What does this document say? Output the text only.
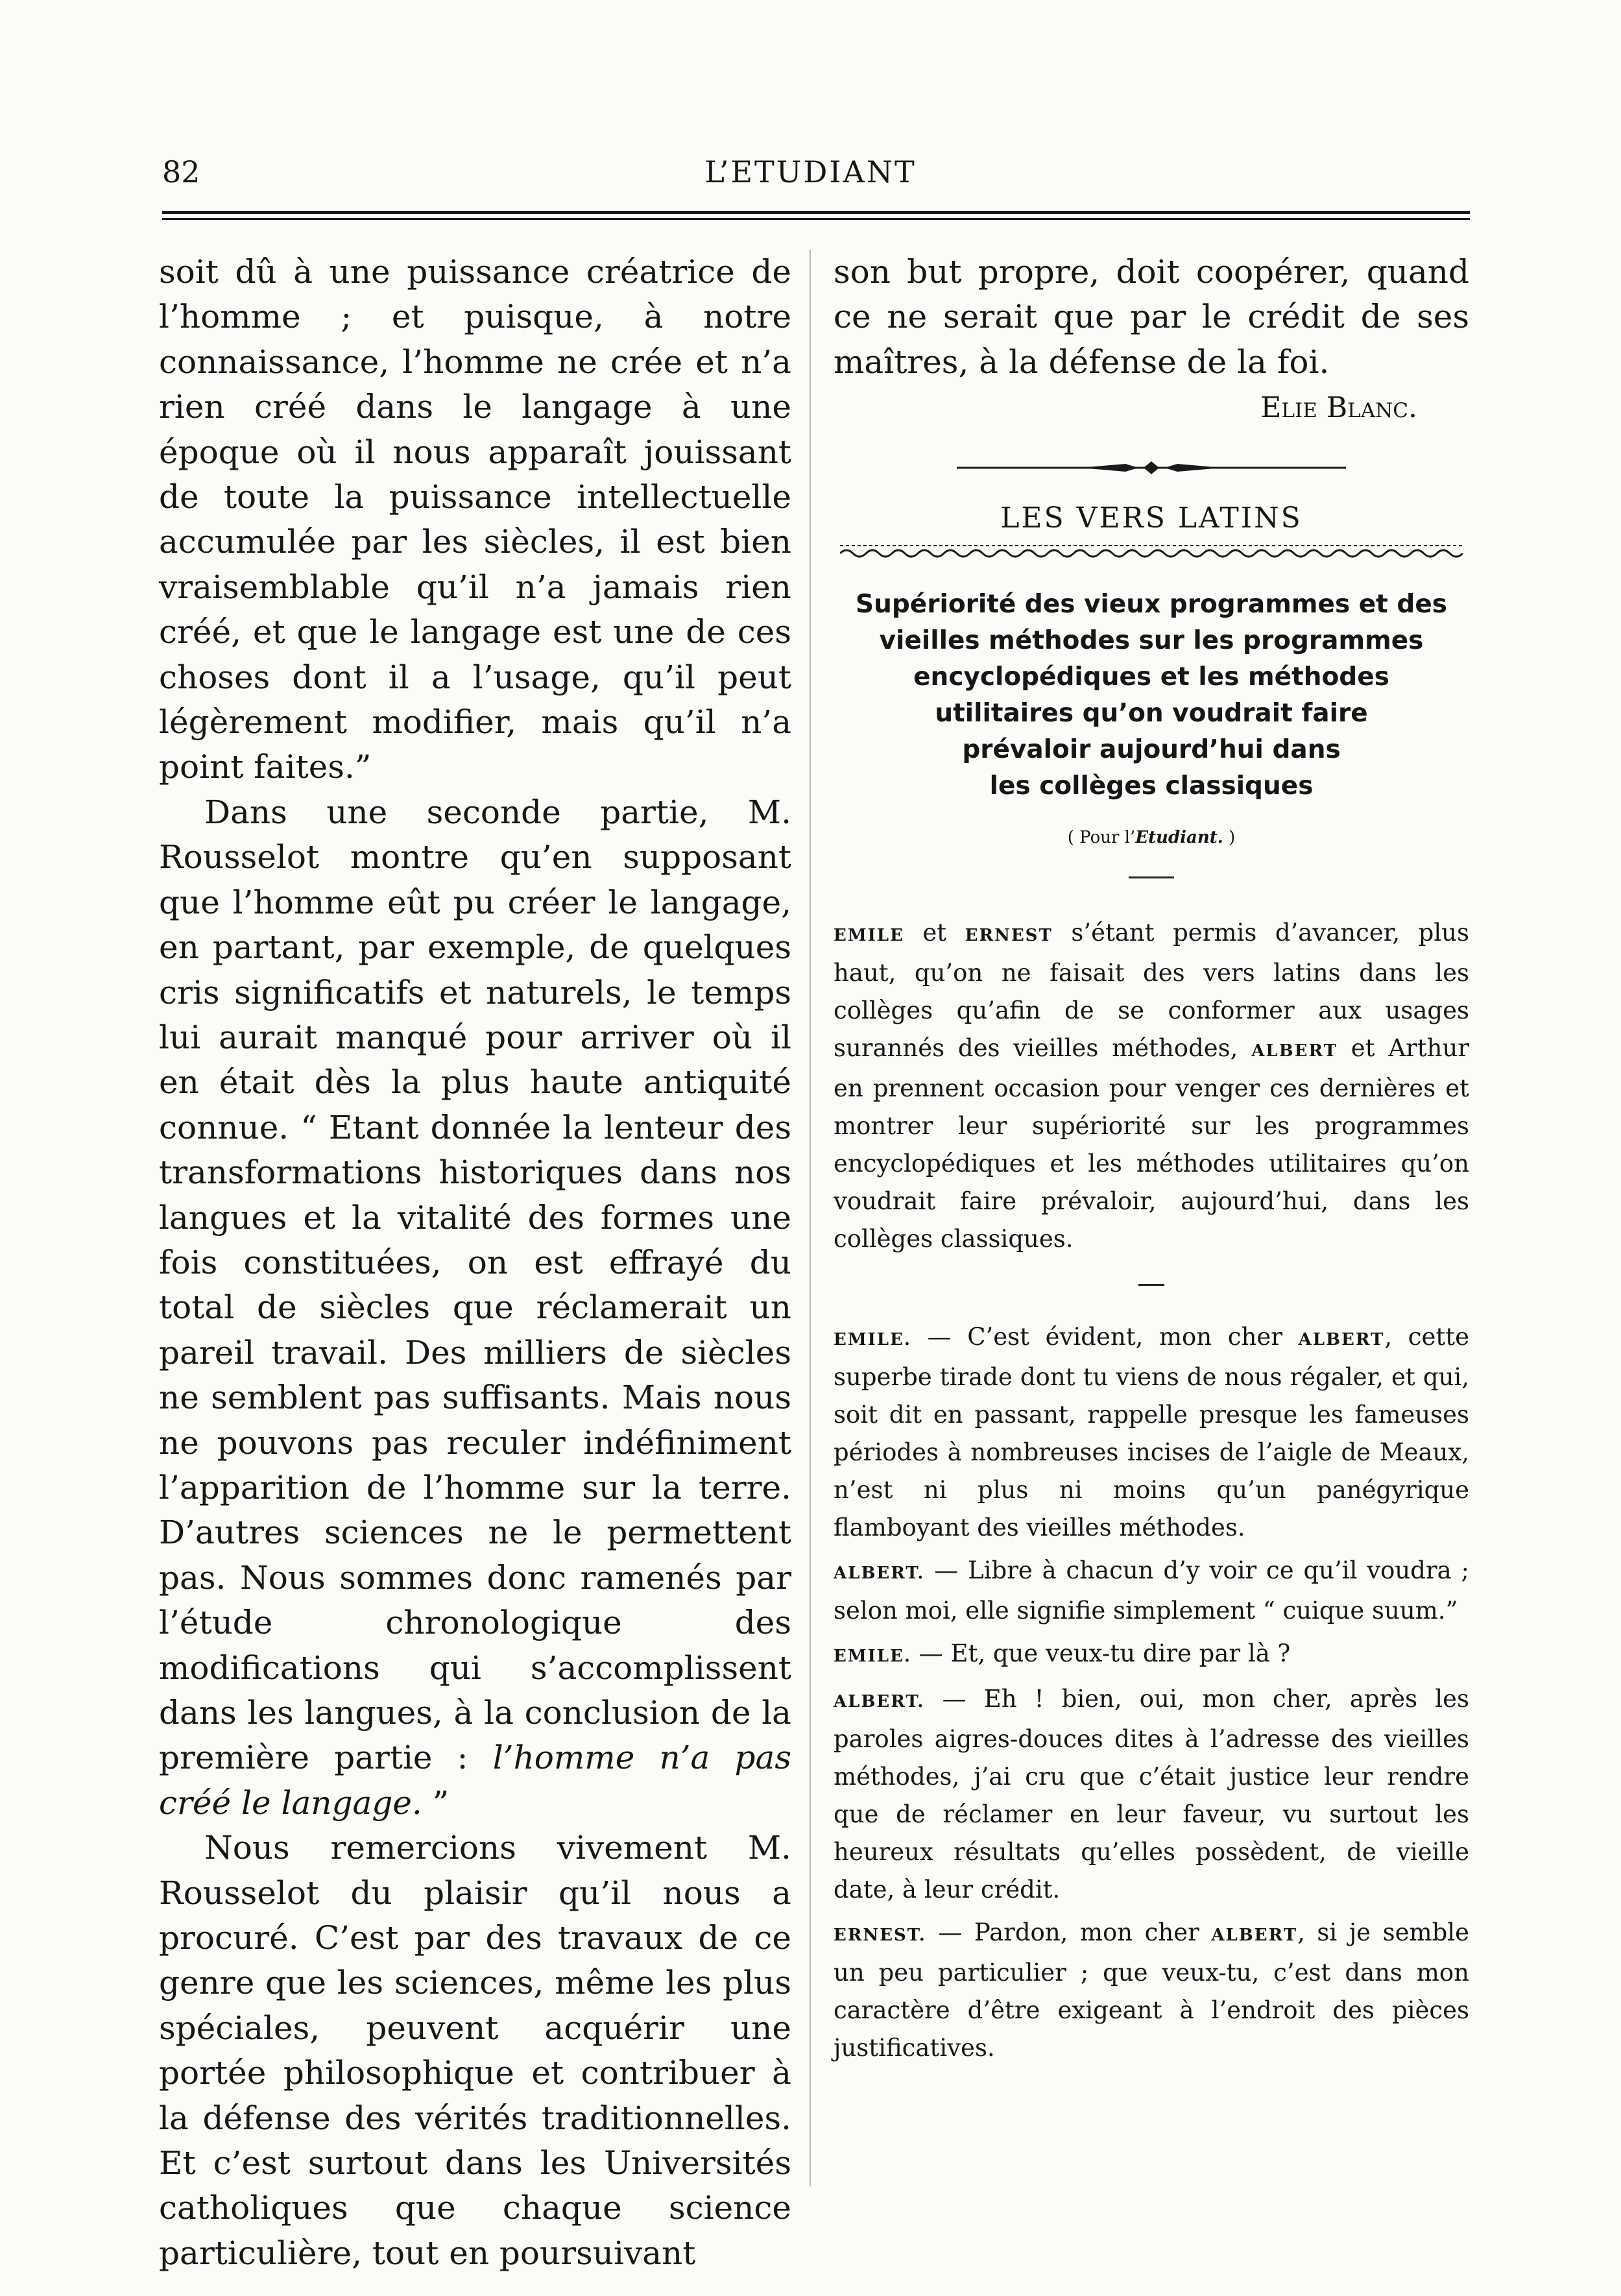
82	L’ETUDIANT

soit dû à une puissance créatrice de l’homme ; et puisque, à notre connaissance, l’homme ne crée et n’a rien créé dans le langage à une époque où il nous apparaît jouissant de toute la puissance intellectuelle accumulée par les siècles, il est bien vraisemblable qu’il n’a jamais rien créé, et que le langage est une de ces choses dont il a l’usage, qu’il peut légèrement modifier, mais qu’il n’a point faites.”

Dans une seconde partie, M. Rousselot montre qu’en supposant que l’homme eût pu créer le langage, en partant, par exemple, de quelques cris significatifs et naturels, le temps lui aurait manqué pour arriver où il en était dès la plus haute antiquité connue. “ Etant donnée la lenteur des transformations historiques dans nos langues et la vitalité des formes une fois constituées, on est effrayé du total de siècles que réclamerait un pareil travail. Des milliers de siècles ne semblent pas suffisants. Mais nous ne pouvons pas reculer indéfiniment l’apparition de l’homme sur la terre. D’autres sciences ne le permettent pas. Nous sommes donc ramenés par l’étude chronologique des modifications qui s’accomplissent dans les langues, à la conclusion de la première partie : l’homme n’a pas créé le langage. ”

Nous remercions vivement M. Rousselot du plaisir qu’il nous a procuré. C’est par des travaux de ce genre que les sciences, même les plus spéciales, peuvent acquérir une portée philosophique et contribuer à la défense des vérités traditionnelles. Et c’est surtout dans les Universités catholiques que chaque science particulière, tout en poursuivant

son but propre, doit coopérer, quand ce ne serait que par le crédit de ses maîtres, à la défense de la foi.

Elie Blanc.
LES VERS LATINS
Supériorité des vieux programmes et des
vieilles méthodes sur les programmes
encyclopédiques et les méthodes
utilitaires qu’on voudrait faire
prévaloir aujourd’hui dans
les collèges classiques
( Pour l’Etudiant. )

EMILE et ERNEST s’étant permis d’avancer, plus haut, qu’on ne faisait des vers latins dans les collèges qu’afin de se conformer aux usages surannés des vieilles méthodes, ALBERT et Arthur en prennent occasion pour venger ces dernières et montrer leur supériorité sur les programmes encyclopédiques et les méthodes utilitaires qu’on voudrait faire prévaloir, aujourd’hui, dans les collèges classiques.

EMILE. — C’est évident, mon cher ALBERT, cette superbe tirade dont tu viens de nous régaler, et qui, soit dit en passant, rappelle presque les fameuses périodes à nombreuses incises de l’aigle de Meaux, n’est ni plus ni moins qu’un panégyrique flamboyant des vieilles méthodes.

ALBERT. — Libre à chacun d’y voir ce qu’il voudra ; selon moi, elle signifie simplement “ cuique suum.”

EMILE. — Et, que veux-tu dire par là ?

ALBERT. — Eh ! bien, oui, mon cher, après les paroles aigres-douces dites à l’adresse des vieilles méthodes, j’ai cru que c’était justice leur rendre que de réclamer en leur faveur, vu surtout les heureux résultats qu’elles possèdent, de vieille date, à leur crédit.

ERNEST. — Pardon, mon cher ALBERT, si je semble un peu particulier ; que veux-tu, c’est dans mon caractère d’être exigeant à l’endroit des pièces justificatives.
